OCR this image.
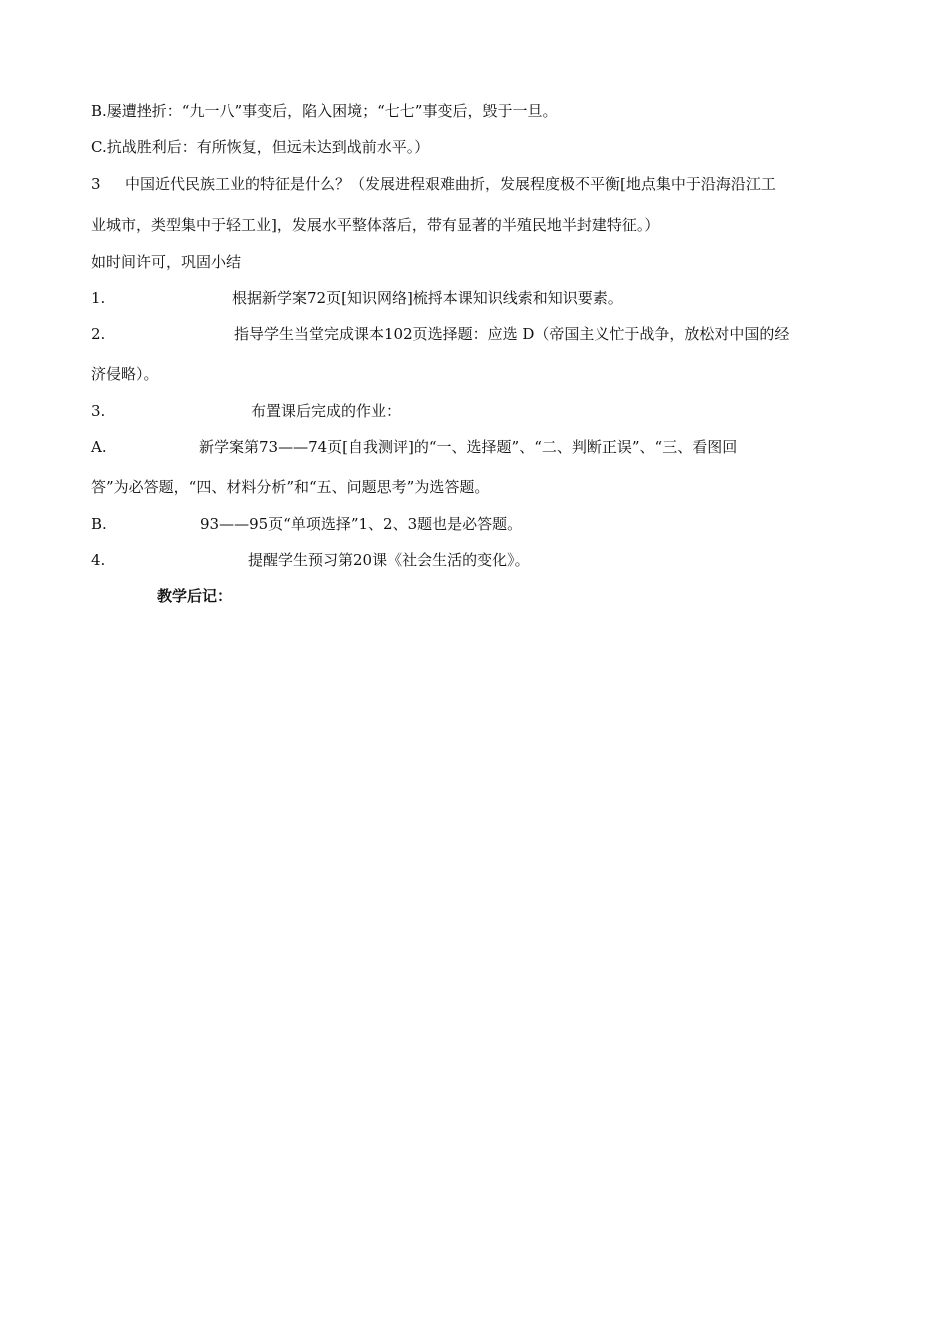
B.屡遭挫折：“九一八”事变后，陷入困境；“七七”事变后，毁于一旦。
C.抗战胜利后：有所恢复，但远未达到战前水平。）
3 中国近代民族工业的特征是什么？（发展进程艰难曲折，发展程度极不平衡[地点集中于沿海沿江工
业城市，类型集中于轻工业]，发展水平整体落后，带有显著的半殖民地半封建特征。）
如时间许可，巩固小结
1.	根据新学案72页[知识网络]梳捋本课知识线索和知识要素。
2.	指导学生当堂完成课本102页选择题：应选 D（帝国主义忙于战争，放松对中国的经
济侵略）。
3.	布置课后完成的作业：
A.	新学案第73——74页[自我测评]的“一、选择题”、“二、判断正误”、“三、看图回
答”为必答题，“四、材料分析”和“五、问题思考”为选答题。
B.	93——95页“单项选择”1、2、3题也是必答题。
4.	提醒学生预习第20课《社会生活的变化》。
教学后记：
